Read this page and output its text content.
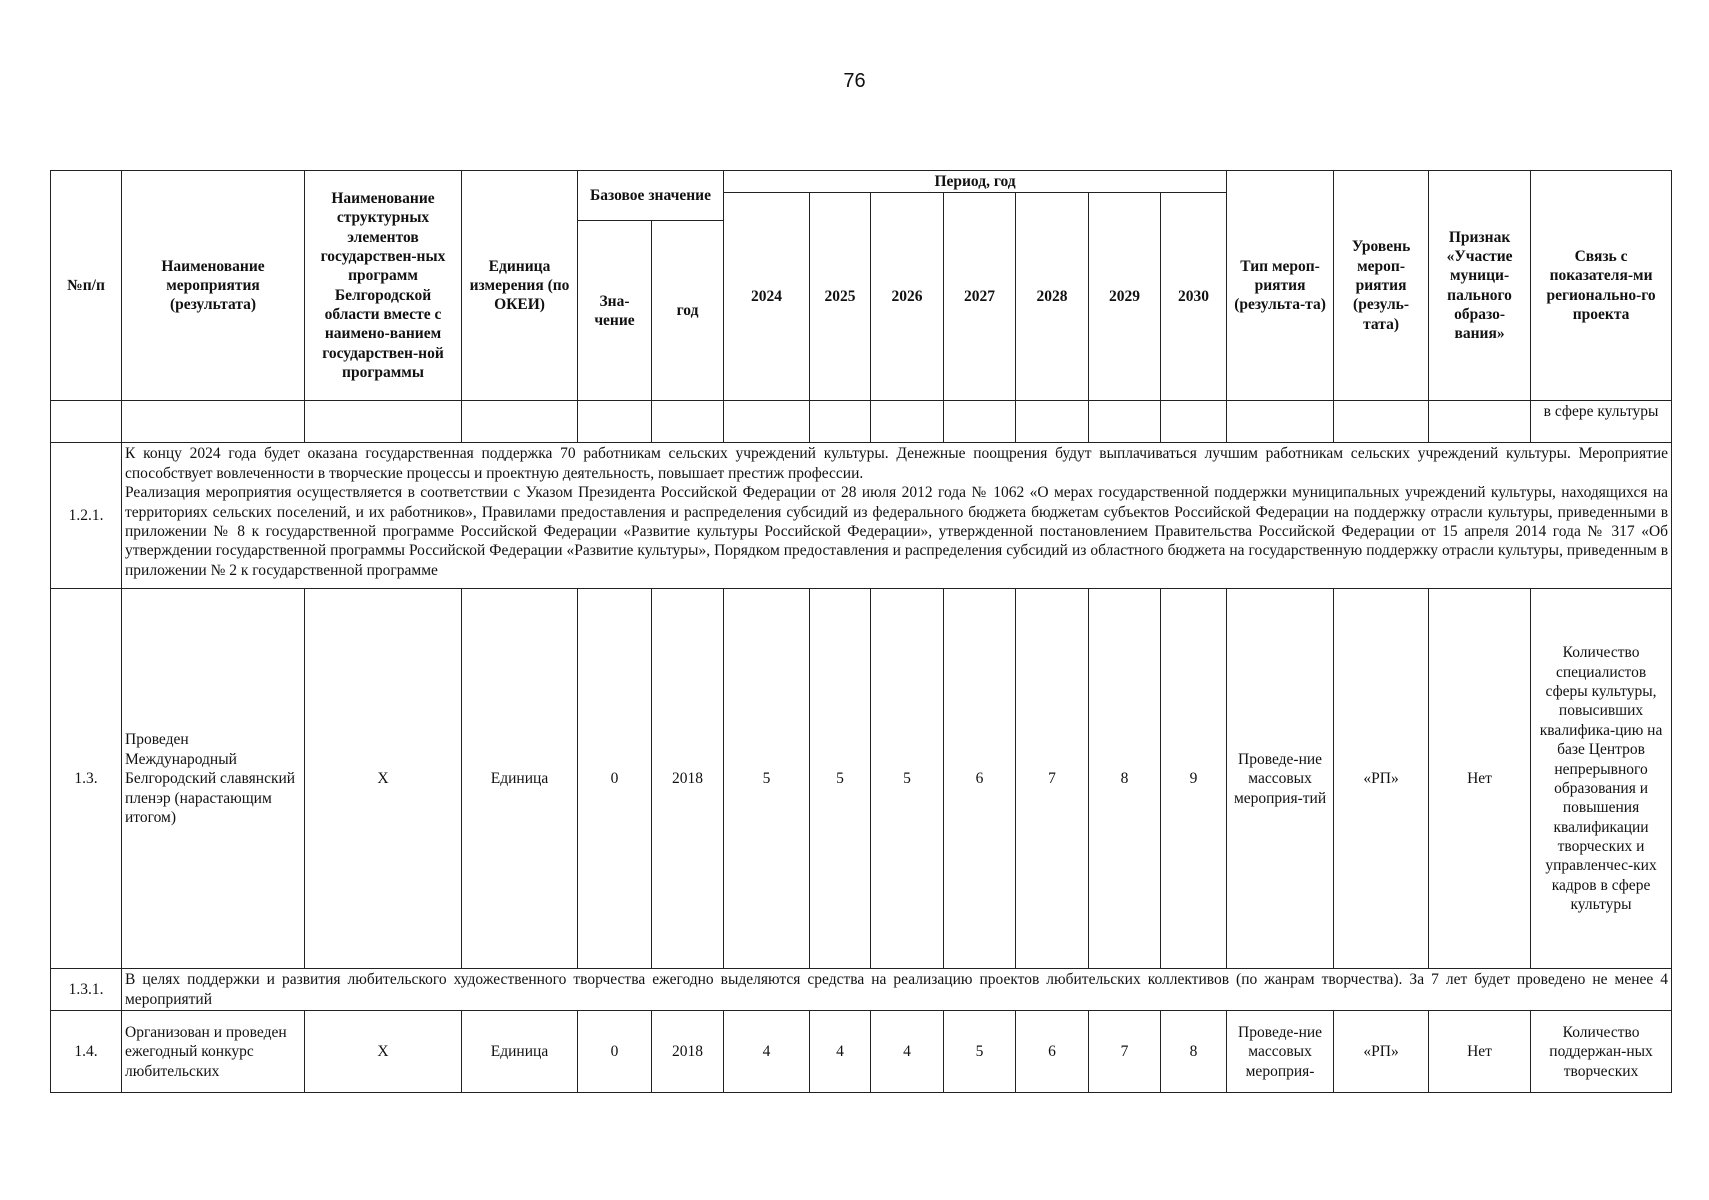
76
№п/п	Наименование мероприятия (результата)	Наименование структурных элементов государствен-ных программ Белгородской области вместе с наимено-ванием государствен-ной программы	Единица измерения (по ОКЕИ)	Базовое значение		Период, год							Тип мероп-риятия (результа-та)	Уровень мероп-риятия (резуль-тата)	Признак «Участие муници-пального образо-вания»	Связь с показателя-ми регионально-го проекта
						2024	2025	2026	2027	2028	2029	2030				
				Зна-чение	год											
																в сфере культуры
1.2.1.	К концу 2024 года будет оказана государственная поддержка 70 работникам сельских учреждений культуры. Денежные поощрения будут выплачиваться лучшим работникам сельских учреждений культуры. Мероприятие способствует вовлеченности в творческие процессы и проектную деятельность, повышает престиж профессии.

Реализация мероприятия осуществляется в соответствии с Указом Президента Российской Федерации от 28 июля 2012 года № 1062 «О мерах государственной поддержки муниципальных учреждений культуры, находящихся на территориях сельских поселений, и их работников», Правилами предоставления и распределения субсидий из федерального бюджета бюджетам субъектов Российской Федерации на поддержку отрасли культуры, приведенными в приложении № 8 к государственной программе Российской Федерации «Развитие культуры Российской Федерации», утвержденной постановлением Правительства Российской Федерации от 15 апреля 2014 года № 317 «Об утверждении государственной программы Российской Федерации «Развитие культуры», Порядком предоставления и распределения субсидий из областного бюджета на государственную поддержку отрасли культуры, приведенным в приложении № 2 к государственной программе															

1.3.	Проведен Международный Белгородский славянский пленэр (нарастающим итогом)	Х	Единица	0	2018	5	5	5	6	7	8	9	Проведе-ние массовых мероприя-тий	«РП»	Нет	Количество специалистов сферы культуры, повысивших квалифика-цию на базе Центров непрерывного образования и повышения квалификации творческих и управленчес-ких кадров в сфере культуры
1.3.1.	В целях поддержки и развития любительского художественного творчества ежегодно выделяются средства на реализацию проектов любительских коллективов (по жанрам творчества). За 7 лет будет проведено не менее 4 мероприятий															
1.4.	Организован и проведен ежегодный конкурс любительских	Х	Единица	0	2018	4	4	4	5	6	7	8	Проведе-ние массовых мероприя-	«РП»	Нет	Количество поддержан-ных творческих
